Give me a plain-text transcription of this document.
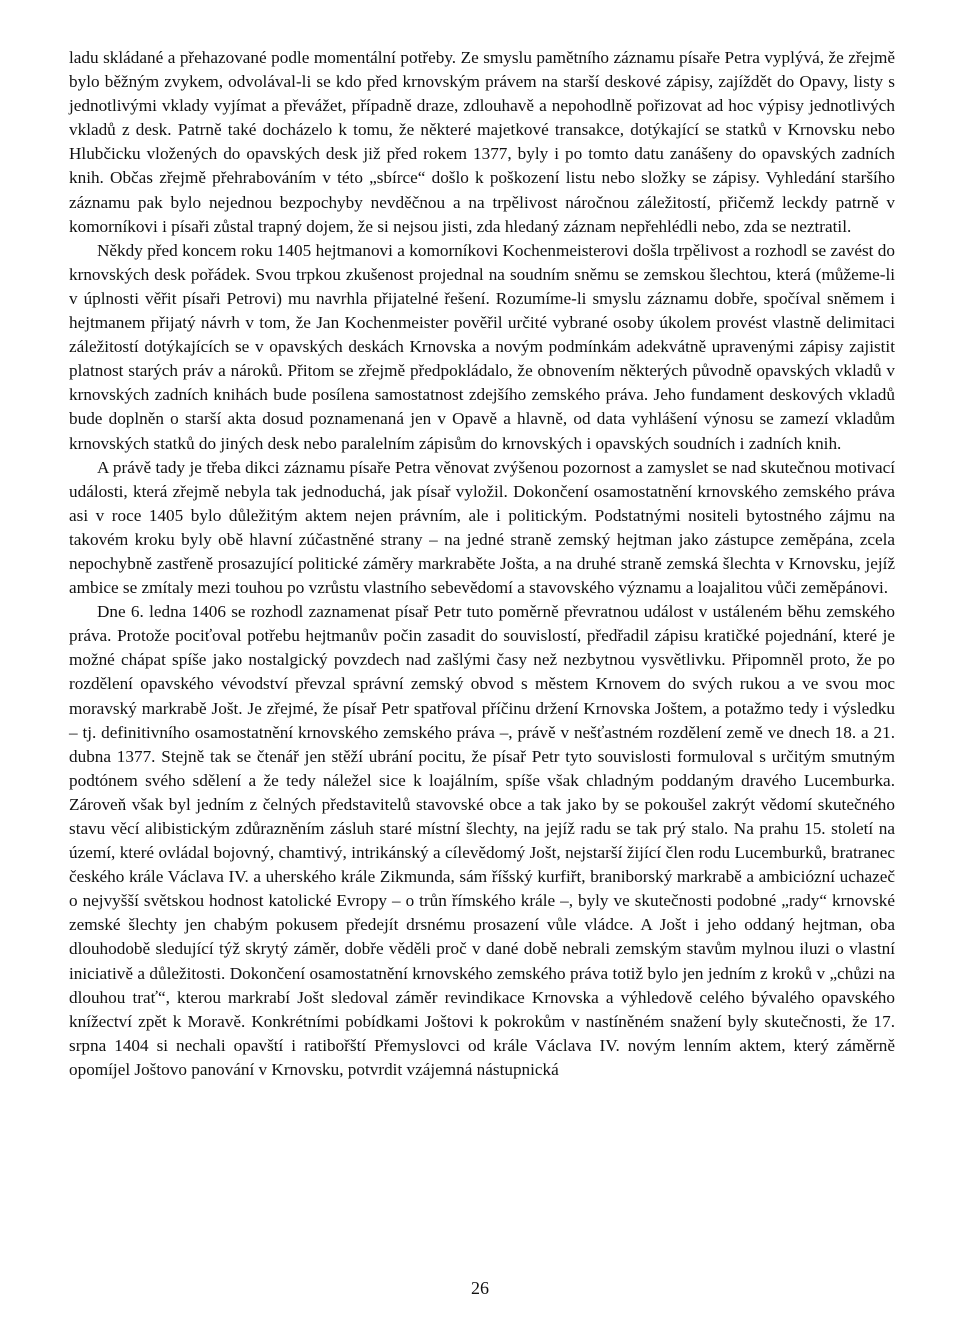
ladu skládané a přehazované podle momentální potřeby. Ze smyslu pamětního záznamu písaře Petra vyplývá, že zřejmě bylo běžným zvykem, odvolával-li se kdo před krnovským právem na starší deskové zápisy, zajíždět do Opavy, listy s jednotlivými vklady vyjímat a převážet, případně draze, zdlouhavě a nepohodlně pořizovat ad hoc výpisy jednotlivých vkladů z desk. Patrně také docházelo k tomu, že některé majetkové transakce, dotýkající se statků v Krnovsku nebo Hlubčicku vložených do opavských desk již před rokem 1377, byly i po tomto datu zanášeny do opavských zadních knih. Občas zřejmě přehrabováním v této „sbírce“ došlo k poškození listu nebo složky se zápisy. Vyhledání staršího záznamu pak bylo nejednou bezpochyby nevděčnou a na trpělivost náročnou záležitostí, přičemž leckdy patrně v komorníkovi i písaři zůstal trapný dojem, že si nejsou jisti, zda hledaný záznam nepřehlédli nebo, zda se neztratil.

Někdy před koncem roku 1405 hejtmanovi a komorníkovi Kochenmeisterovi došla trpělivost a rozhodl se zavést do krnovských desk pořádek. Svou trpkou zkušenost projednal na soudním sněmu se zemskou šlechtou, která (můžeme-li v úplnosti věřit písaři Petrovi) mu navrhla přijatelné řešení. Rozumíme-li smyslu záznamu dobře, spočíval sněmem i hejtmanem přijatý návrh v tom, že Jan Kochenmeister pověřil určité vybrané osoby úkolem provést vlastně delimitaci záležitostí dotýkajících se v opavských deskách Krnovska a novým podmínkám adekvátně upravenými zápisy zajistit platnost starých práv a nároků. Přitom se zřejmě předpokládalo, že obnovením některých původně opavských vkladů v krnovských zadních knihách bude posílena samostatnost zdejšího zemského práva. Jeho fundament deskových vkladů bude doplněn o starší akta dosud poznamenaná jen v Opavě a hlavně, od data vyhlášení výnosu se zamezí vkladům krnovských statků do jiných desk nebo paralelním zápisům do krnovských i opavských soudních i zadních knih.

A právě tady je třeba dikci záznamu písaře Petra věnovat zvýšenou pozornost a zamyslet se nad skutečnou motivací události, která zřejmě nebyla tak jednoduchá, jak písař vyložil. Dokončení osamostatnění krnovského zemského práva asi v roce 1405 bylo důležitým aktem nejen právním, ale i politickým. Podstatnými nositeli bytostného zájmu na takovém kroku byly obě hlavní zúčastněné strany – na jedné straně zemský hejtman jako zástupce zeměpána, zcela nepochybně zastřeně prosazující politické záměry markraběte Jošta, a na druhé straně zemská šlechta v Krnovsku, jejíž ambice se zmítaly mezi touhou po vzrůstu vlastního sebevědomí a stavovského významu a loajalitou vůči zeměpánovi.

Dne 6. ledna 1406 se rozhodl zaznamenat písař Petr tuto poměrně převratnou událost v ustáleném běhu zemského práva. Protože pociťoval potřebu hejtmanův počin zasadit do souvislostí, předřadil zápisu kratičké pojednání, které je možné chápat spíše jako nostalgický povzdech nad zašlými časy než nezbytnou vysvětlivku. Připomněl proto, že po rozdělení opavského vévodství převzal správní zemský obvod s městem Krnovem do svých rukou a ve svou moc moravský markrabě Jošt. Je zřejmé, že písař Petr spatřoval příčinu držení Krnovska Joštem, a potažmo tedy i výsledku – tj. definitivního osamostatnění krnovského zemského práva –, právě v nešťastném rozdělení země ve dnech 18. a 21. dubna 1377. Stejně tak se čtenář jen stěží ubrání pocitu, že písař Petr tyto souvislosti formuloval s určitým smutným podtónem svého sdělení a že tedy náležel sice k loajálním, spíše však chladným poddaným dravého Lucemburka. Zároveň však byl jedním z čelných představitelů stavovské obce a tak jako by se pokoušel zakrýt vědomí skutečného stavu věcí alibistickým zdůrazněním zásluh staré místní šlechty, na jejíž radu se tak prý stalo. Na prahu 15. století na území, které ovládal bojovný, chamtivý, intrikánský a cílevědomý Jošt, nejstarší žijící člen rodu Lucemburků, bratranec českého krále Václava IV. a uherského krále Zikmunda, sám říšský kurfiřt, braniborský markrabě a ambiciózní uchazeč o nejvyšší světskou hodnost katolické Evropy – o trůn římského krále –, byly ve skutečnosti podobné „rady“ krnovské zemské šlechty jen chabým pokusem předejít drsnému prosazení vůle vládce. A Jošt i jeho oddaný hejtman, oba dlouhodobě sledující týž skrytý záměr, dobře věděli proč v dané době nebrali zemským stavům mylnou iluzi o vlastní iniciativě a důležitosti. Dokončení osamostatnění krnovského zemského práva totiž bylo jen jedním z kroků v „chůzi na dlouhou trať“, kterou markrabí Jošt sledoval záměr revindikace Krnovska a výhledově celého bývalého opavského knížectví zpět k Moravě. Konkrétními pobídkami Joštovi k pokrokům v nastíněném snažení byly skutečnosti, že 17. srpna 1404 si nechali opavští i ratibořští Přemyslovci od krále Václava IV. novým lenním aktem, který záměrně opomíjel Joštovo panování v Krnovsku, potvrdit vzájemná nástupnická

26
